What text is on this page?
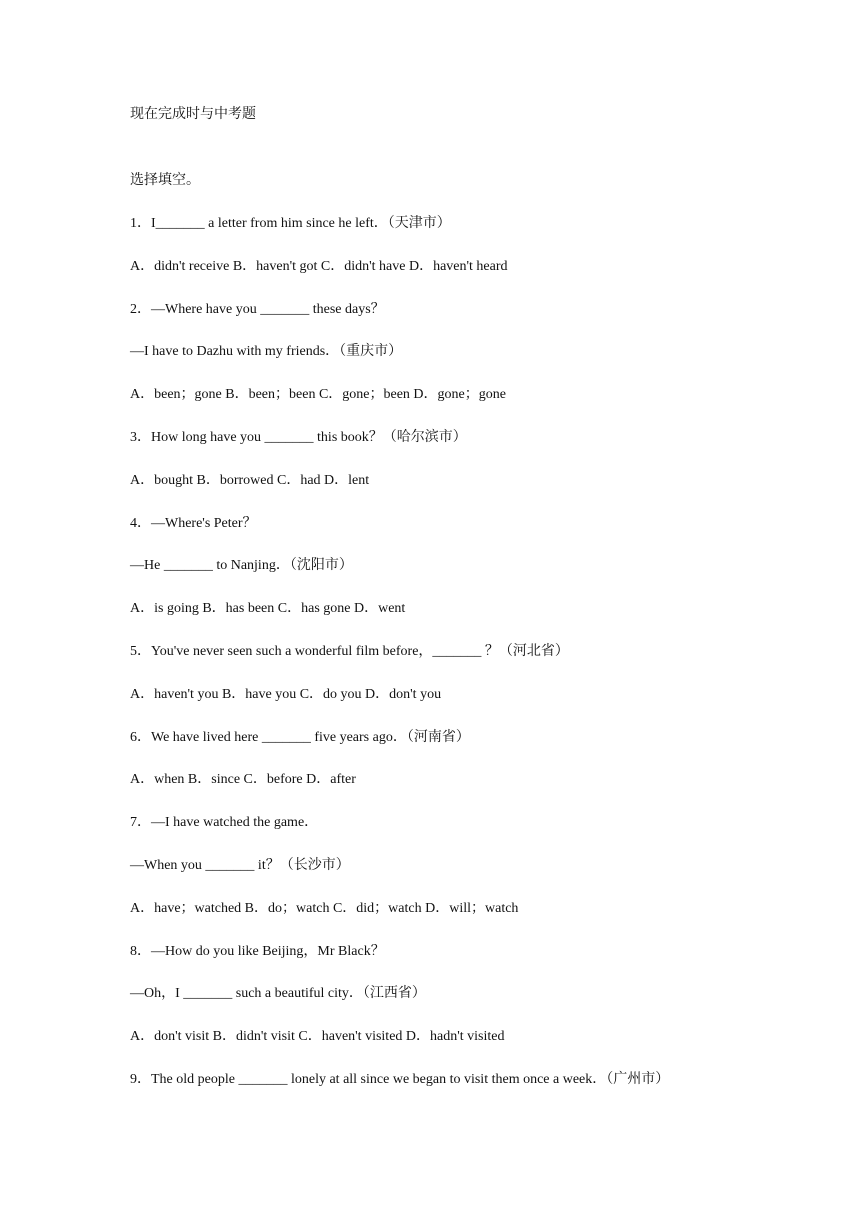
现在完成时与中考题
选择填空。
1．I_______ a letter from him since he left．（天津市）
A．didn't receive B．haven't got C．didn't have D．haven't heard
2．—Where have you _______ these days？
—I have to Dazhu with my friends．（重庆市）
A．been；gone B．been；been C．gone；been D．gone；gone
3．How long have you _______ this book？（哈尔滨市）
A．bought B．borrowed C．had D．lent
4．—Where's Peter？
—He _______ to Nanjing．（沈阳市）
A．is going B．has been C．has gone D．went
5．You've never seen such a wonderful film before，_______ ？（河北省）
A．haven't you B．have you C．do you D．don't you
6．We have lived here _______ five years ago．（河南省）
A．when B．since C．before D．after
7．—I have watched the game．
—When you _______ it？（长沙市）
A．have；watched B．do；watch C．did；watch D．will；watch
8．—How do you like Beijing，Mr Black？
—Oh，I _______ such a beautiful city．（江西省）
A．don't visit B．didn't visit C．haven't visited D．hadn't visited
9．The old people _______ lonely at all since we began to visit them once a week．（广州市）
